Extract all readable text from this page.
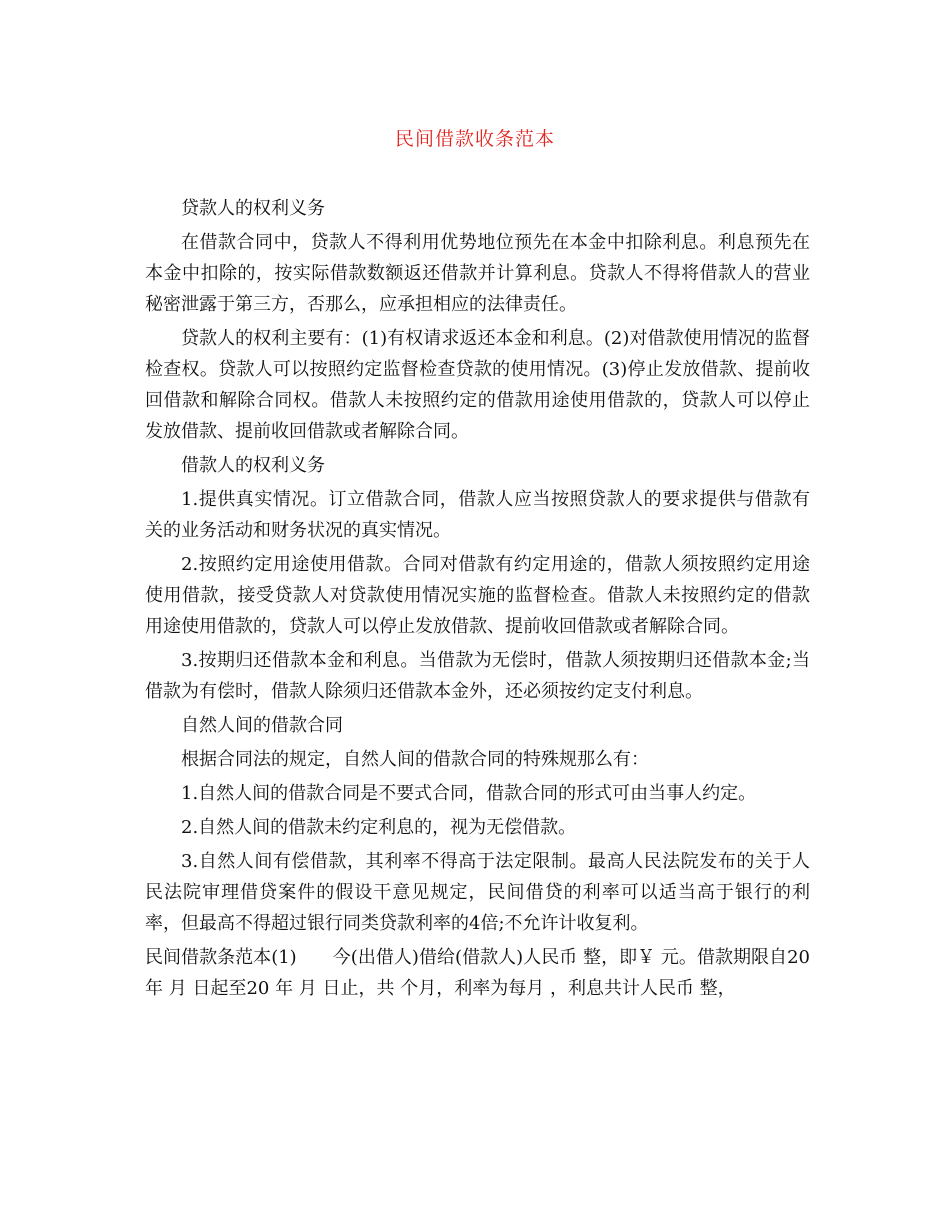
民间借款收条范本

贷款人的权利义务

在借款合同中，贷款人不得利用优势地位预先在本金中扣除利息。利息预先在本金中扣除的，按实际借款数额返还借款并计算利息。贷款人不得将借款人的营业秘密泄露于第三方，否那么，应承担相应的法律责任。

贷款人的权利主要有：(1)有权请求返还本金和利息。(2)对借款使用情况的监督检查权。贷款人可以按照约定监督检查贷款的使用情况。(3)停止发放借款、提前收回借款和解除合同权。借款人未按照约定的借款用途使用借款的，贷款人可以停止发放借款、提前收回借款或者解除合同。

借款人的权利义务

1.提供真实情况。订立借款合同，借款人应当按照贷款人的要求提供与借款有关的业务活动和财务状况的真实情况。

2.按照约定用途使用借款。合同对借款有约定用途的，借款人须按照约定用途使用借款，接受贷款人对贷款使用情况实施的监督检查。借款人未按照约定的借款用途使用借款的，贷款人可以停止发放借款、提前收回借款或者解除合同。

3.按期归还借款本金和利息。当借款为无偿时，借款人须按期归还借款本金;当借款为有偿时，借款人除须归还借款本金外，还必须按约定支付利息。

自然人间的借款合同

根据合同法的规定，自然人间的借款合同的特殊规那么有：

1.自然人间的借款合同是不要式合同，借款合同的形式可由当事人约定。

2.自然人间的借款未约定利息的，视为无偿借款。

3.自然人间有偿借款，其利率不得高于法定限制。最高人民法院发布的关于人民法院审理借贷案件的假设干意见规定，民间借贷的利率可以适当高于银行的利率，但最高不得超过银行同类贷款利率的4倍;不允许计收复利。

民间借款条范本(1)　　今(出借人)借给(借款人)人民币 整，即￥ 元。借款期限自20 年 月 日起至20 年 月 日止，共 个月，利率为每月 ，利息共计人民币 整，
